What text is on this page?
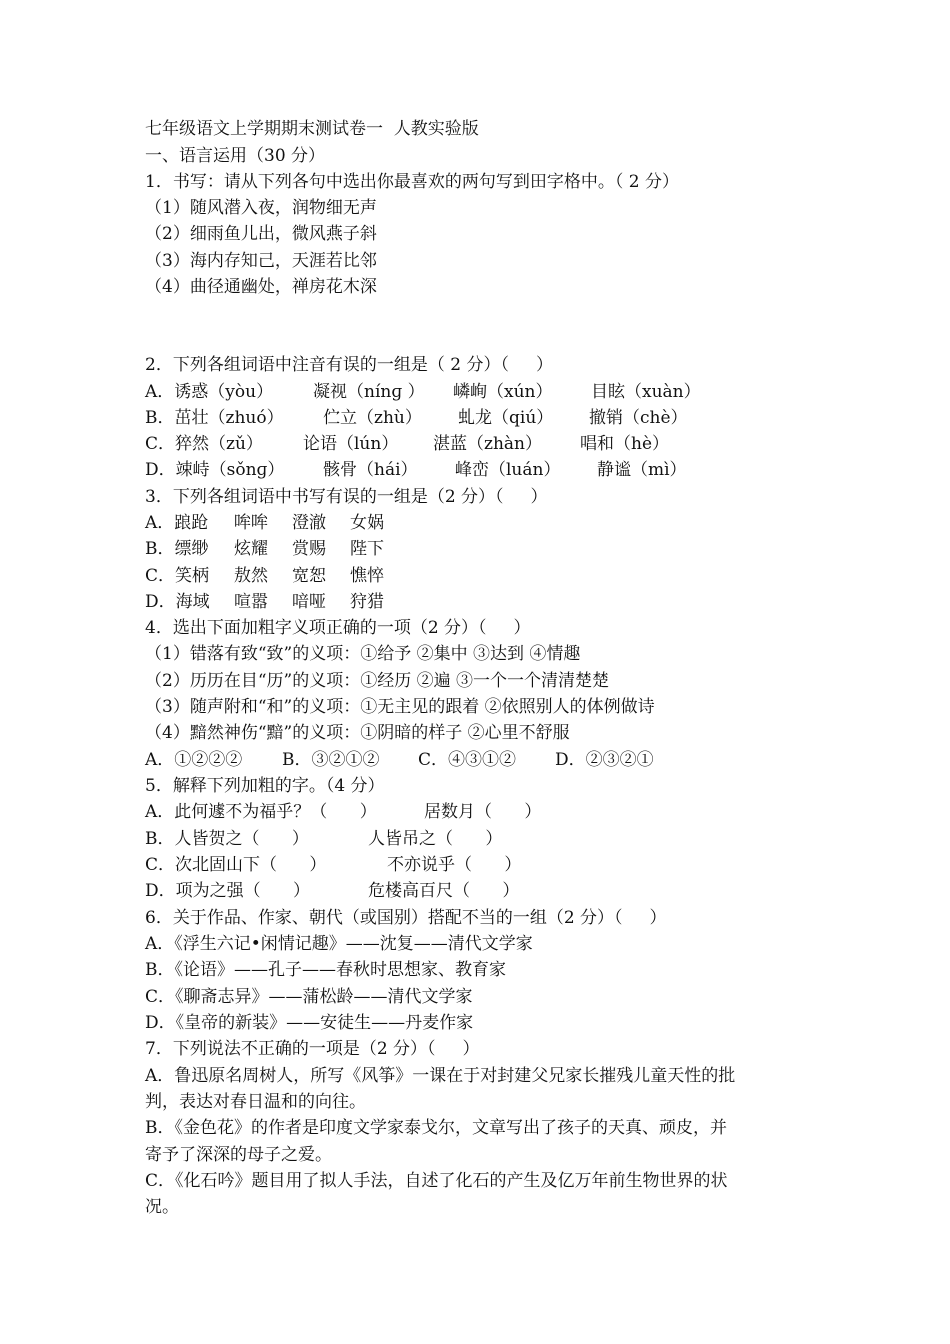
七年级语文上学期期末测试卷一  人教实验版
一、语言运用（30 分）
1．书写：请从下列各句中选出你最喜欢的两句写到田字格中。（ 2 分）
（1）随风潜入夜，润物细无声
（2）细雨鱼儿出，微风燕子斜
（3）海内存知己，天涯若比邻
（4）曲径通幽处，禅房花木深
2．下列各组词语中注音有误的一组是（ 2 分）（     ）
A．诱惑（yòu） 凝视（nínɡ ） 嶙峋（xún） 目眩（xuàn）
B．茁壮（zhuó） 伫立（zhù） 虬龙（qiú） 撤销（chè）
C．猝然（zǔ） 论语（lún） 湛蓝（zhàn） 唱和（hè）
D．竦峙（sǒnɡ） 骸骨（hái） 峰峦（luán） 静谧（mì）
3．下列各组词语中书写有误的一组是（2 分）（     ）
A．踉跄 哞哞 澄澈 女娲
B．缥缈 炫耀 赏赐 陛下
C．笑柄 敖然 宽恕 憔悴
D．海域 喧嚣 喑哑 狩猎
4．选出下面加粗字义项正确的一项（2 分）（     ）
（1）错落有致“致”的义项：①给予 ②集中 ③达到 ④情趣
（2）历历在目“历”的义项：①经历 ②遍 ③一个一个清清楚楚
（3）随声附和“和”的义项：①无主见的跟着 ②依照别人的体例做诗
（4）黯然神伤“黯”的义项：①阴暗的样子 ②心里不舒服
A．①②②② B．③②①② C．④③①② D．②③②①
5．解释下列加粗的字。（4 分）
A．此何遽不为福乎？（      ）	居数月（      ）
B．人皆贺之（      ）	人皆吊之（      ）
C．次北固山下（      ）	不亦说乎（      ）
D．项为之强（      ）	危楼高百尺（      ）
6．关于作品、作家、朝代（或国别）搭配不当的一组（2 分）（     ）
A．《浮生六记•闲情记趣》——沈复——清代文学家
B．《论语》——孔子——春秋时思想家、教育家
C．《聊斋志异》——蒲松龄——清代文学家
D．《皇帝的新装》——安徒生——丹麦作家
7．下列说法不正确的一项是（2 分）（     ）
A．鲁迅原名周树人，所写《风筝》一课在于对封建父兄家长摧残儿童天性的批
判，表达对春日温和的向往。
B．《金色花》的作者是印度文学家泰戈尔，文章写出了孩子的天真、顽皮，并
寄予了深深的母子之爱。
C．《化石吟》题目用了拟人手法，自述了化石的产生及亿万年前生物世界的状
况。
